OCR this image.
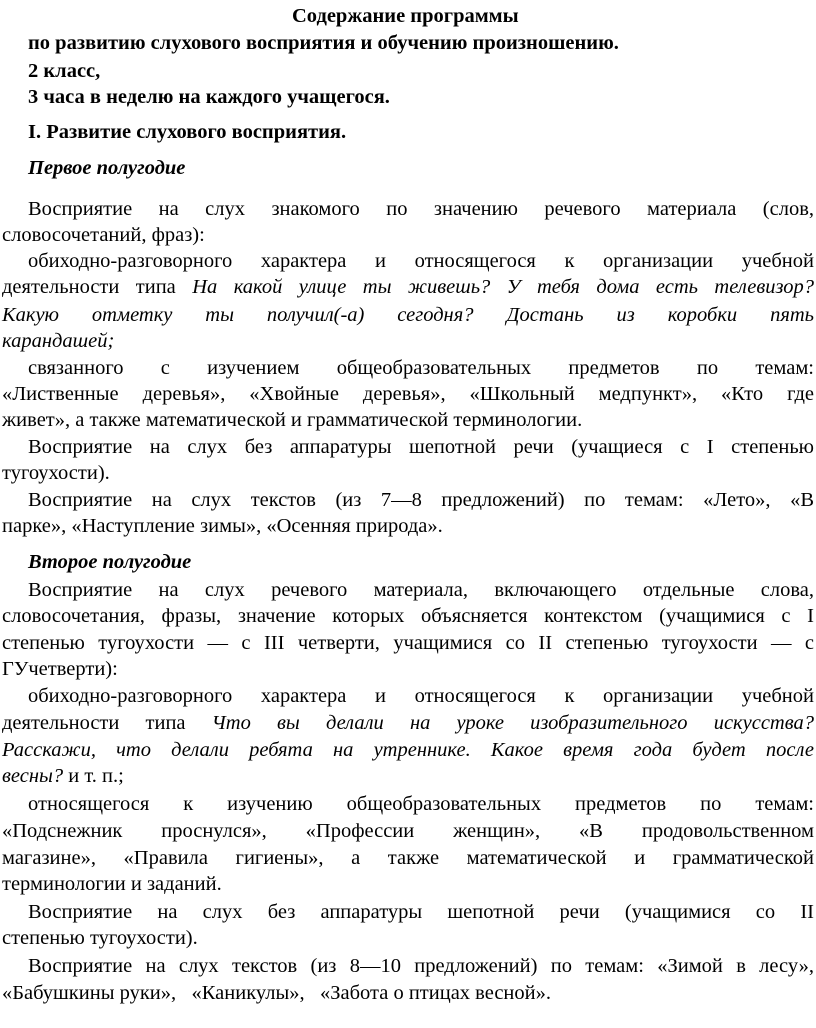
Содержание программы
по развитию слухового восприятия и обучению произношению.
2 класс,
3 часа в неделю на каждого учащегося.
I. Развитие слухового восприятия.
Первое полугодие
Восприятие на слух знакомого по значению речевого материала (слов,
словосочетаний, фраз):
обиходно-разговорного характера и относящегося к организации учебной
деятельности типа На какой улице ты живешь? У тебя дома есть телевизор?
Какую отметку ты получил(-а) сегодня? Достань из коробки пять
карандашей;
связанного с изучением общеобразовательных предметов по темам:
«Лиственные деревья», «Хвойные деревья», «Школьный медпункт», «Кто где
живет», а также математической и грамматической терминологии.
Восприятие на слух без аппаратуры шепотной речи (учащиеся с I степенью
тугоухости).
Восприятие на слух текстов (из 7—8 предложений) по темам: «Лето», «В
парке», «Наступление зимы», «Осенняя природа».
Второе полугодие
Восприятие на слух речевого материала, включающего отдельные слова,
словосочетания, фразы, значение которых объясняется контекстом (учащимися с I
степенью тугоухости — с III четверти, учащимися со II степенью тугоухости — с
ГУчетверти):
обиходно-разговорного характера и относящегося к организации учебной
деятельности типа Что вы делали на уроке изобразительного искусства?
Расскажи, что делали ребята на утреннике. Какое время года будет после
весны? и т. п.;
относящегося к изучению общеобразовательных предметов по темам:
«Подснежник проснулся», «Профессии женщин», «В продовольственном
магазине», «Правила гигиены», а также математической и грамматической
терминологии и заданий.
Восприятие на слух без аппаратуры шепотной речи (учащимися со II
степенью тугоухости).
Восприятие на слух текстов (из 8—10 предложений) по темам: «Зимой в лесу»,
«Бабушкины руки»,   «Каникулы»,   «Забота о птицах весной».
